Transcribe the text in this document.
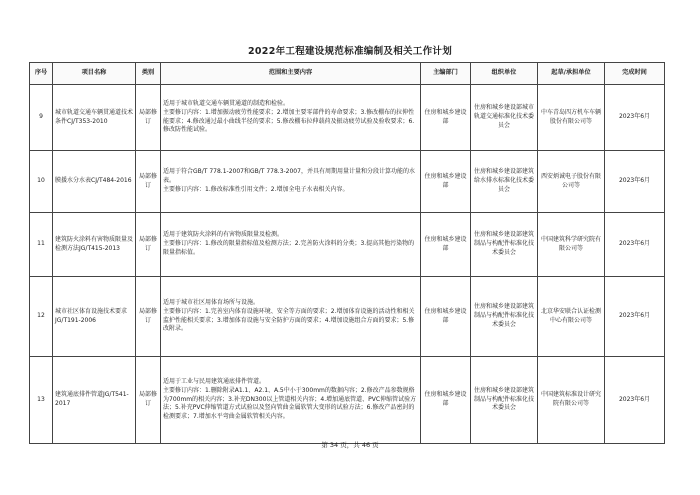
2022年工程建设规范标准编制及相关工作计划
序号	项目名称	类别	范围和主要内容	主编部门	组织单位	起草/承担单位	完成时间
9	城市轨道交通车辆贯通道技术条件CJ/T353-2010	局部修订	适用于城市轨道交通车辆贯通道的制造和检验。
主要修订内容：1.增加振动疲劳性能要求；2.增加主要零部件的寿命要求；3.修改棚布的拉伸性能要求；4.修改通过最小曲线半径的要求；5.修改棚布拉伸载荷及振动疲劳试验及验收要求；6.修改防性能试验。	住房和城乡建设部	住房和城乡建设部城市轨道交通标准化技术委员会	中车青岛四方机车车辆股份有限公司等	2023年6月
10	膜援水分水表CJ/T484-2016	局部修订	适用于符合GB/T 778.1-2007和GB/T 778.3-2007，并具有周期用量计量和分段计算功能的水表。
主要修订内容：1.修改标准性引用文件；2.增加全电子水表相关内容。	住房和城乡建设部	住房和城乡建设部建筑给水排水标准化技术委员会	西安炳诚电子股份有限公司等	2023年6月
11	建筑防火涂料有害物质限量及检测方法JG/T415-2013	局部修订	适用于建筑防火涂料的有害物质限量及检测。
主要修订内容：1.修改的限量指标值及检测方法；2.完善防火涂料的分类；3.提高其他污染物的限量指标值。	住房和城乡建设部	住房和城乡建设部建筑制品与构配件标准化技术委员会	中国建筑科学研究院有限公司等	2023年6月
12	城市社区体育设施技术要求JG/T191-2006	局部修订	适用于城市社区用体育场所与设施。
主要修订内容：1.完善室内体育设施环境、安全等方面的要求；2.增加体育设施的活动性和相关监护性能相关要求；3.增加体育设施与安全防护方面的要求；4.增加设施组合方面的要求；5.修改附录。	住房和城乡建设部	住房和城乡建设部建筑制品与构配件标准化技术委员会	北京华安联合认证检测中心有限公司等	2023年6月
13	建筑通底排件管道JG/T541-2017	局部修订	适用于工业与民用建筑通底排件管道。
主要修订内容：1.删除附录A1.1、A2.1、A.5中小于300mm的数据内容；2.修改产品参数规格为700mm的相关内容；3.补充DN300以上管道相关内容；4.增加通底管道、PVC伸缩管试验方法；5.补充PVC伸缩管道方式试验以及竖向管曲金属软管大变形的试验方法；6.修改产品密封的检测要求；7.增加水平弯曲金属软管相关内容。	住房和城乡建设部	住房和城乡建设部建筑制品与构配件标准化技术委员会	中国建筑标准设计研究院有限公司等	2023年6月
第 34 页，共 46 页
